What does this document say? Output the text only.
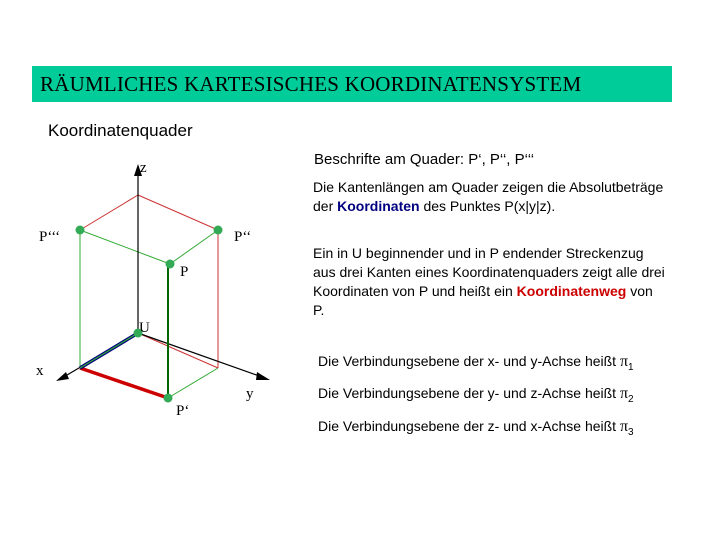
RÄUMLICHES KARTESISCHES KOORDINATENSYSTEM
Koordinatenquader
Beschrifte am Quader: P‘, P‘‘, P‘‘‘
Die Kantenlängen am Quader zeigen die Absolutbeträge der Koordinaten des Punktes P(x|y|z).
Ein in U beginnender und in P endender Streckenzug aus drei Kanten eines Koordinatenquaders zeigt alle drei Koordinaten von P und heißt ein Koordinatenweg von P.
Die Verbindungsebene der x- und y-Achse heißt $\pi_1$
Die Verbindungsebene der y- und z-Achse heißt $\pi_2$
Die Verbindungsebene der z- und x-Achse heißt $\pi_3$
z
x
y
P
U
P‘
P‘‘
P‘‘‘
